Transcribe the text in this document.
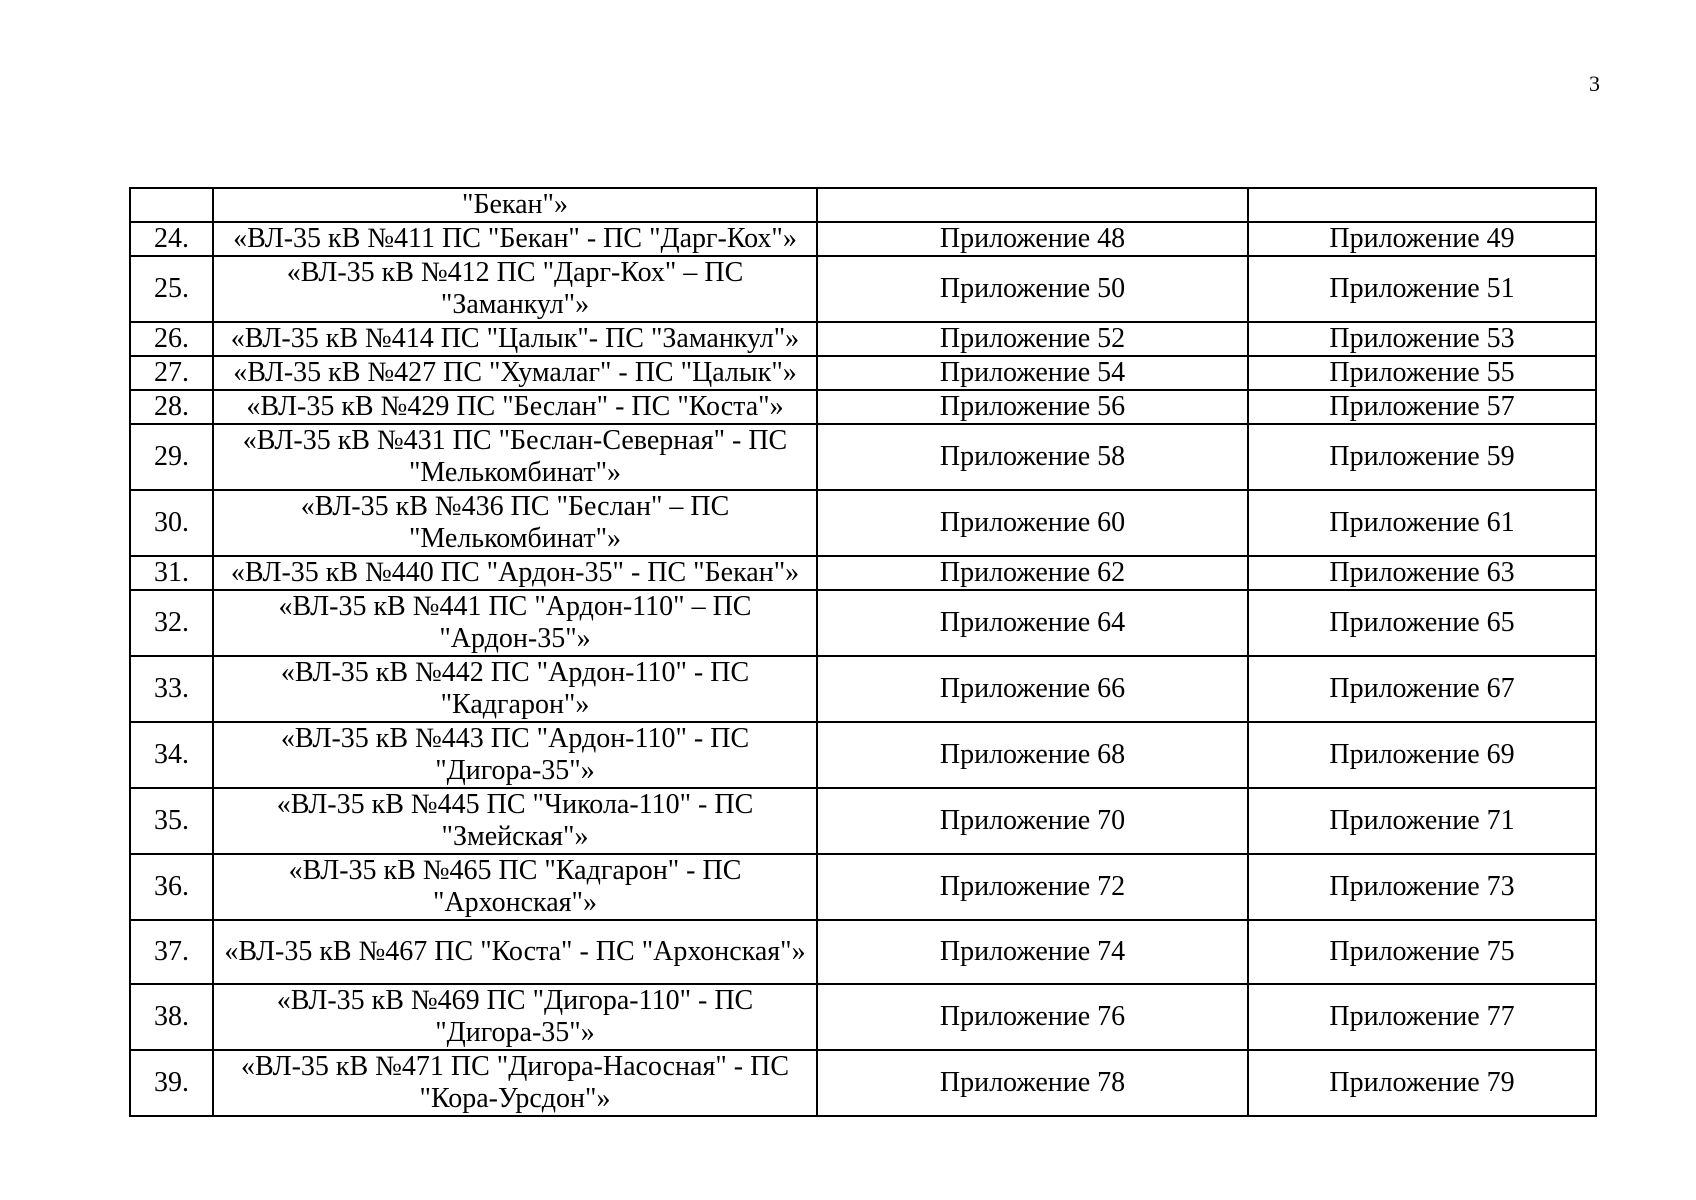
3
	"Бекан"»		
24.	«ВЛ-35 кВ №411 ПС "Бекан" - ПС "Дарг-Кох"»	Приложение 48	Приложение 49
25.	«ВЛ-35 кВ №412 ПС "Дарг-Кох" – ПС "Заманкул"»	Приложение 50	Приложение 51
26.	«ВЛ-35 кВ №414 ПС "Цалык"- ПС "Заманкул"»	Приложение 52	Приложение 53
27.	«ВЛ-35 кВ №427 ПС "Хумалаг" - ПС "Цалык"»	Приложение 54	Приложение 55
28.	«ВЛ-35 кВ №429 ПС "Беслан" - ПС "Коста"»	Приложение 56	Приложение 57
29.	«ВЛ-35 кВ №431 ПС "Беслан-Северная" - ПС "Мелькомбинат"»	Приложение 58	Приложение 59
30.	«ВЛ-35 кВ №436 ПС "Беслан" – ПС "Мелькомбинат"»	Приложение 60	Приложение 61
31.	«ВЛ-35 кВ №440 ПС "Ардон-35" - ПС "Бекан"»	Приложение 62	Приложение 63
32.	«ВЛ-35 кВ №441 ПС "Ардон-110" – ПС "Ардон-35"»	Приложение 64	Приложение 65
33.	«ВЛ-35 кВ №442 ПС "Ардон-110" - ПС "Кадгарон"»	Приложение 66	Приложение 67
34.	«ВЛ-35 кВ №443 ПС "Ардон-110" - ПС "Дигора-35"»	Приложение 68	Приложение 69
35.	«ВЛ-35 кВ №445 ПС "Чикола-110" - ПС "Змейская"»	Приложение 70	Приложение 71
36.	«ВЛ-35 кВ №465 ПС "Кадгарон" - ПС "Архонская"»	Приложение 72	Приложение 73
37.	«ВЛ-35 кВ №467 ПС "Коста" - ПС "Архонская"»	Приложение 74	Приложение 75
38.	«ВЛ-35 кВ №469 ПС "Дигора-110" - ПС "Дигора-35"»	Приложение 76	Приложение 77
39.	«ВЛ-35 кВ №471 ПС "Дигора-Насосная" - ПС "Кора-Урсдон"»	Приложение 78	Приложение 79
